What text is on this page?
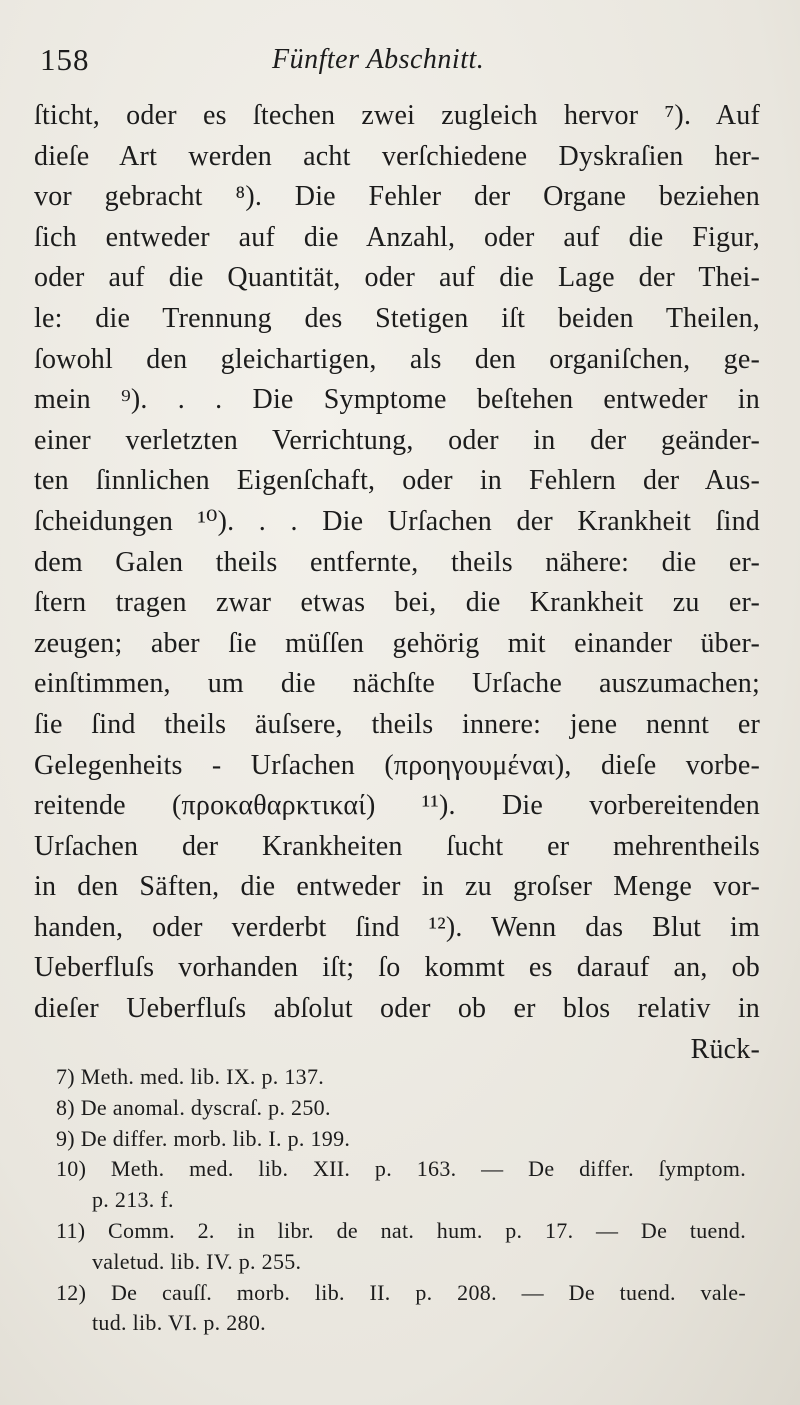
158	Fünfter Abschnitt.
ſticht, oder es ſtechen zwei zugleich hervor ⁷). Auf
dieſe Art werden acht verſchiedene Dyskraſien her-
vor gebracht ⁸). Die Fehler der Organe beziehen
ſich entweder auf die Anzahl, oder auf die Figur,
oder auf die Quantität, oder auf die Lage der Thei-
le: die Trennung des Stetigen iſt beiden Theilen,
ſowohl den gleichartigen, als den organiſchen, ge-
mein ⁹). . . Die Symptome beſtehen entweder in
einer verletzten Verrichtung, oder in der geänder-
ten ſinnlichen Eigenſchaft, oder in Fehlern der Aus-
ſcheidungen ¹⁰). . . Die Urſachen der Krankheit ſind
dem Galen theils entfernte, theils nähere: die er-
ſtern tragen zwar etwas bei, die Krankheit zu er-
zeugen; aber ſie müſſen gehörig mit einander über-
einſtimmen, um die nächſte Urſache auszumachen;
ſie ſind theils äuſsere, theils innere: jene nennt er
Gelegenheits - Urſachen (προηγουμέναι), dieſe vorbe-
reitende (προκαθαρκτικαί) ¹¹). Die vorbereitenden
Urſachen der Krankheiten ſucht er mehrentheils
in den Säften, die entweder in zu groſser Menge vor-
handen, oder verderbt ſind ¹²). Wenn das Blut im
Ueberfluſs vorhanden iſt; ſo kommt es darauf an, ob
dieſer Ueberfluſs abſolut oder ob er blos relativ in
Rück-
7) Meth. med. lib. IX. p. 137.
8) De anomal. dyscraſ. p. 250.
9) De differ. morb. lib. I. p. 199.
10) Meth. med. lib. XII. p. 163. — De differ. ſymptom.
p. 213. f.
11) Comm. 2. in libr. de nat. hum. p. 17. — De tuend.
valetud. lib. IV. p. 255.
12) De cauſſ. morb. lib. II. p. 208. — De tuend. vale-
tud. lib. VI. p. 280.
